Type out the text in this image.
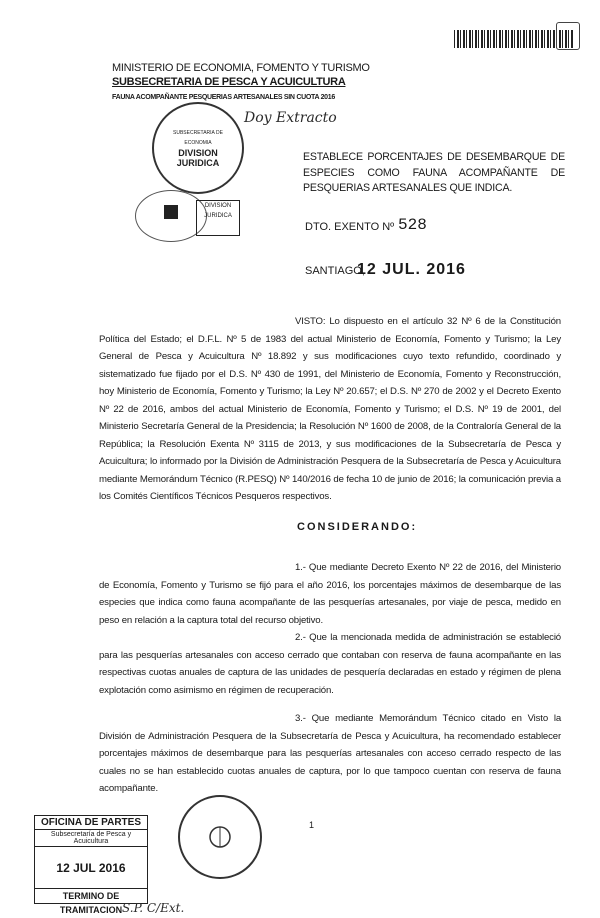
MINISTERIO DE ECONOMIA, FOMENTO Y TURISMO
SUBSECRETARIA DE PESCA Y ACUICULTURA
FAUNA ACOMPAÑANTE PESQUERIAS ARTESANALES SIN CUOTA 2016
Doy Extracto
SUBSECRETARIA DE ECONOMIA
DIVISION JURIDICA
DIVISION JURIDICA
ESTABLECE PORCENTAJES DE DESEMBARQUE DE ESPECIES COMO FAUNA ACOMPAÑANTE DE PESQUERIAS ARTESANALES QUE INDICA.
DTO. EXENTO Nº 528
SANTIAGO,
12 JUL. 2016
VISTO: Lo dispuesto en el artículo 32 Nº 6 de la Constitución Política del Estado; el D.F.L. Nº 5 de 1983 del actual Ministerio de Economía, Fomento y Turismo; la Ley General de Pesca y Acuicultura Nº 18.892 y sus modificaciones cuyo texto refundido, coordinado y sistematizado fue fijado por el D.S. Nº 430 de 1991, del Ministerio de Economía, Fomento y Reconstrucción, hoy Ministerio de Economía, Fomento y Turismo; la Ley Nº 20.657; el D.S. Nº 270 de 2002 y el Decreto Exento Nº 22 de 2016, ambos del actual Ministerio de Economía, Fomento y Turismo; el D.S. Nº 19 de 2001, del Ministerio Secretaría General de la Presidencia; la Resolución Nº 1600 de 2008, de la Contraloría General de la República; la Resolución Exenta Nº 3115 de 2013, y sus modificaciones de la Subsecretaría de Pesca y Acuicultura; lo informado por la División de Administración Pesquera de la Subsecretaría de Pesca y Acuicultura mediante Memorándum Técnico (R.PESQ) Nº 140/2016 de fecha 10 de junio de 2016; la comunicación previa a los Comités Científicos Técnicos Pesqueros respectivos.
CONSIDERANDO:
1.- Que mediante Decreto Exento Nº 22 de 2016, del Ministerio de Economía, Fomento y Turismo se fijó para el año 2016, los porcentajes máximos de desembarque de las especies que indica como fauna acompañante de las pesquerías artesanales, por viaje de pesca, medido en peso en relación a la captura total del recurso objetivo.
2.- Que la mencionada medida de administración se estableció para las pesquerías artesanales con acceso cerrado que contaban con reserva de fauna acompañante en las respectivas cuotas anuales de captura de las unidades de pesquería declaradas en estado y régimen de plena explotación como asimismo en régimen de recuperación.
3.- Que mediante Memorándum Técnico citado en Visto la División de Administración Pesquera de la Subsecretaría de Pesca y Acuicultura, ha recomendado establecer porcentajes máximos de desembarque para las pesquerías artesanales con acceso cerrado respecto de las cuales no se han establecido cuotas anuales de captura, por lo que tampoco cuentan con reserva de fauna acompañante.
1
OFICINA DE PARTES
Subsecretaría de Pesca y Acuicultura
12 JUL 2016
TERMINO DE TRAMITACION S.P. C/Ext.
